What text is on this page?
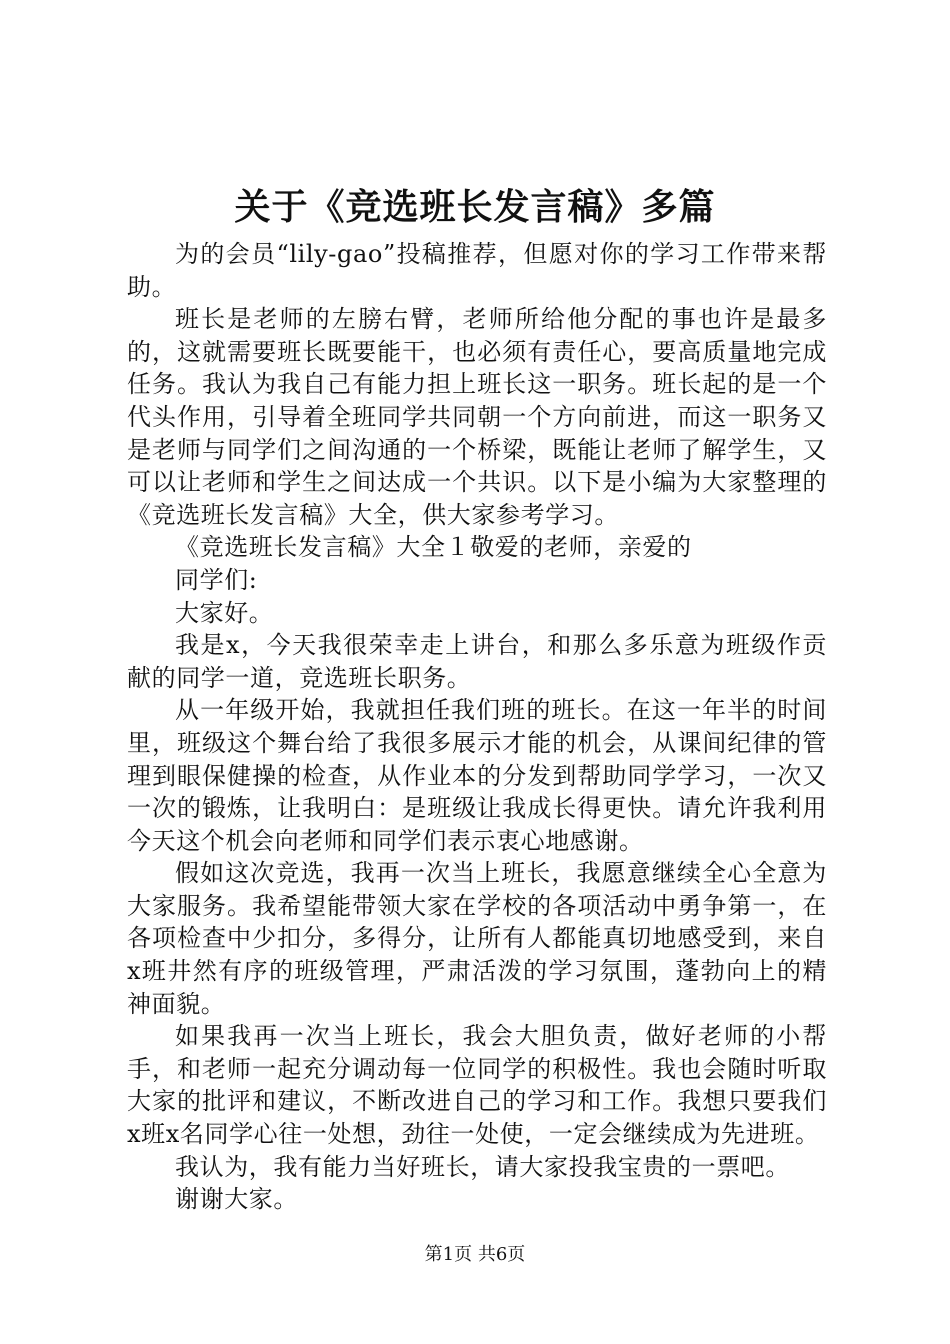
关于《竞选班长发言稿》多篇

为的会员“lily-gao”投稿推荐，但愿对你的学习工作带来帮助。

班长是老师的左膀右臂，老师所给他分配的事也许是最多的，这就需要班长既要能干，也必须有责任心，要高质量地完成任务。我认为我自己有能力担上班长这一职务。班长起的是一个代头作用，引导着全班同学共同朝一个方向前进，而这一职务又是老师与同学们之间沟通的一个桥梁，既能让老师了解学生，又可以让老师和学生之间达成一个共识。以下是小编为大家整理的《竞选班长发言稿》大全，供大家参考学习。

《竞选班长发言稿》大全１敬爱的老师，亲爱的

同学们:

大家好。

我是x，今天我很荣幸走上讲台，和那么多乐意为班级作贡献的同学一道，竞选班长职务。

从一年级开始，我就担任我们班的班长。在这一年半的时间里，班级这个舞台给了我很多展示才能的机会，从课间纪律的管理到眼保健操的检查，从作业本的分发到帮助同学学习，一次又一次的锻炼，让我明白：是班级让我成长得更快。请允许我利用今天这个机会向老师和同学们表示衷心地感谢。

假如这次竞选，我再一次当上班长，我愿意继续全心全意为大家服务。我希望能带领大家在学校的各项活动中勇争第一，在各项检查中少扣分，多得分，让所有人都能真切地感受到，来自x班井然有序的班级管理，严肃活泼的学习氛围，蓬勃向上的精神面貌。

如果我再一次当上班长，我会大胆负责，做好老师的小帮手，和老师一起充分调动每一位同学的积极性。我也会随时听取大家的批评和建议，不断改进自己的学习和工作。我想只要我们x班x名同学心往一处想，劲往一处使，一定会继续成为先进班。

我认为，我有能力当好班长，请大家投我宝贵的一票吧。

谢谢大家。

第1页 共6页
